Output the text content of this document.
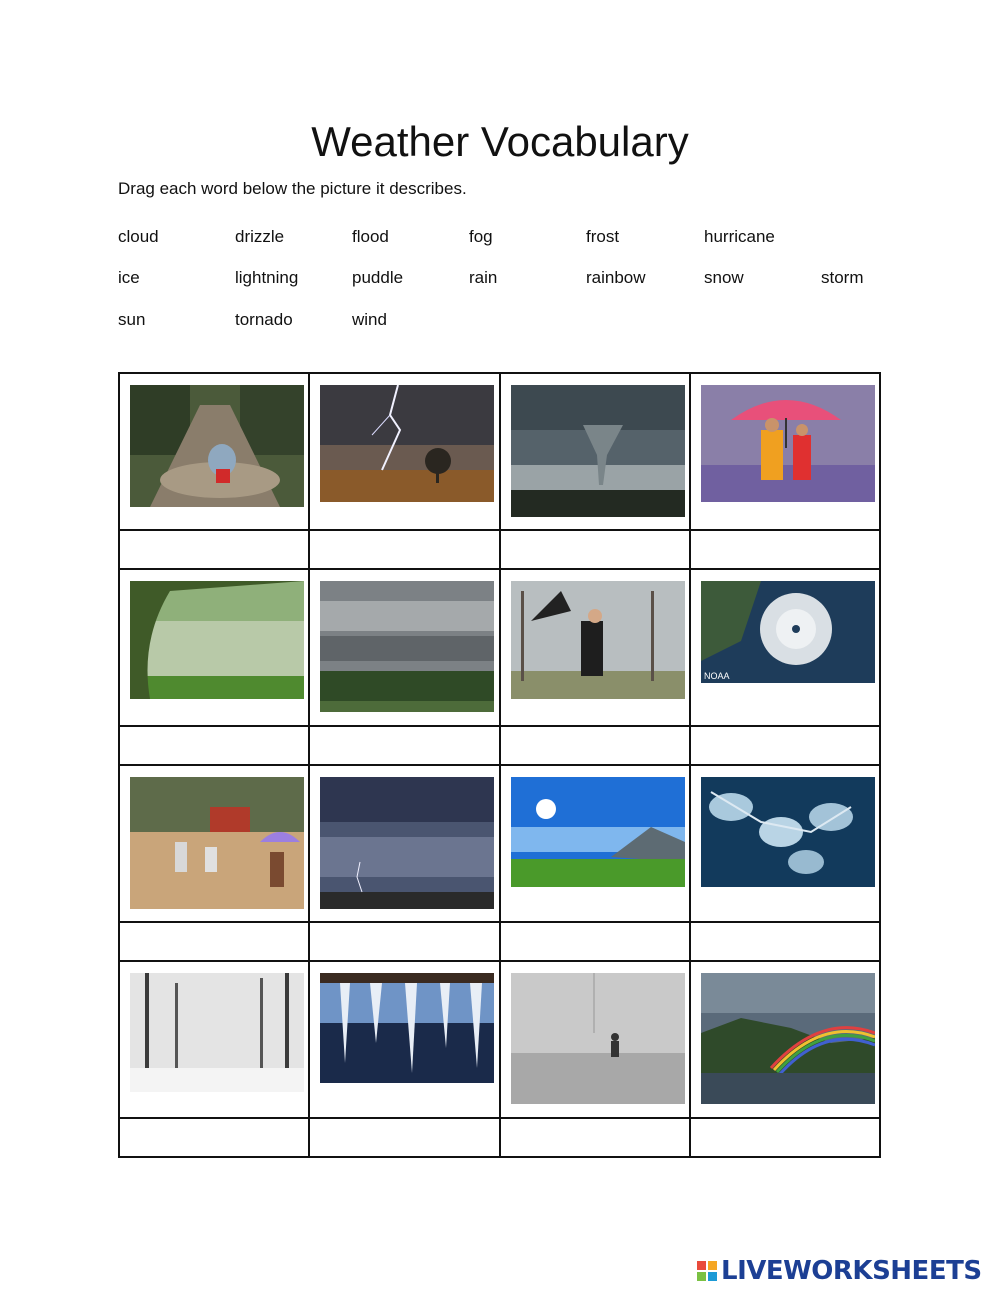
Weather Vocabulary

Drag each word below the picture it describes.

cloud	drizzle	flood	fog	frost	hurricane
ice	lightning	puddle	rain	rainbow	snow	storm
sun	tornado	wind

NOAA

LIVEWORKSHEETS
